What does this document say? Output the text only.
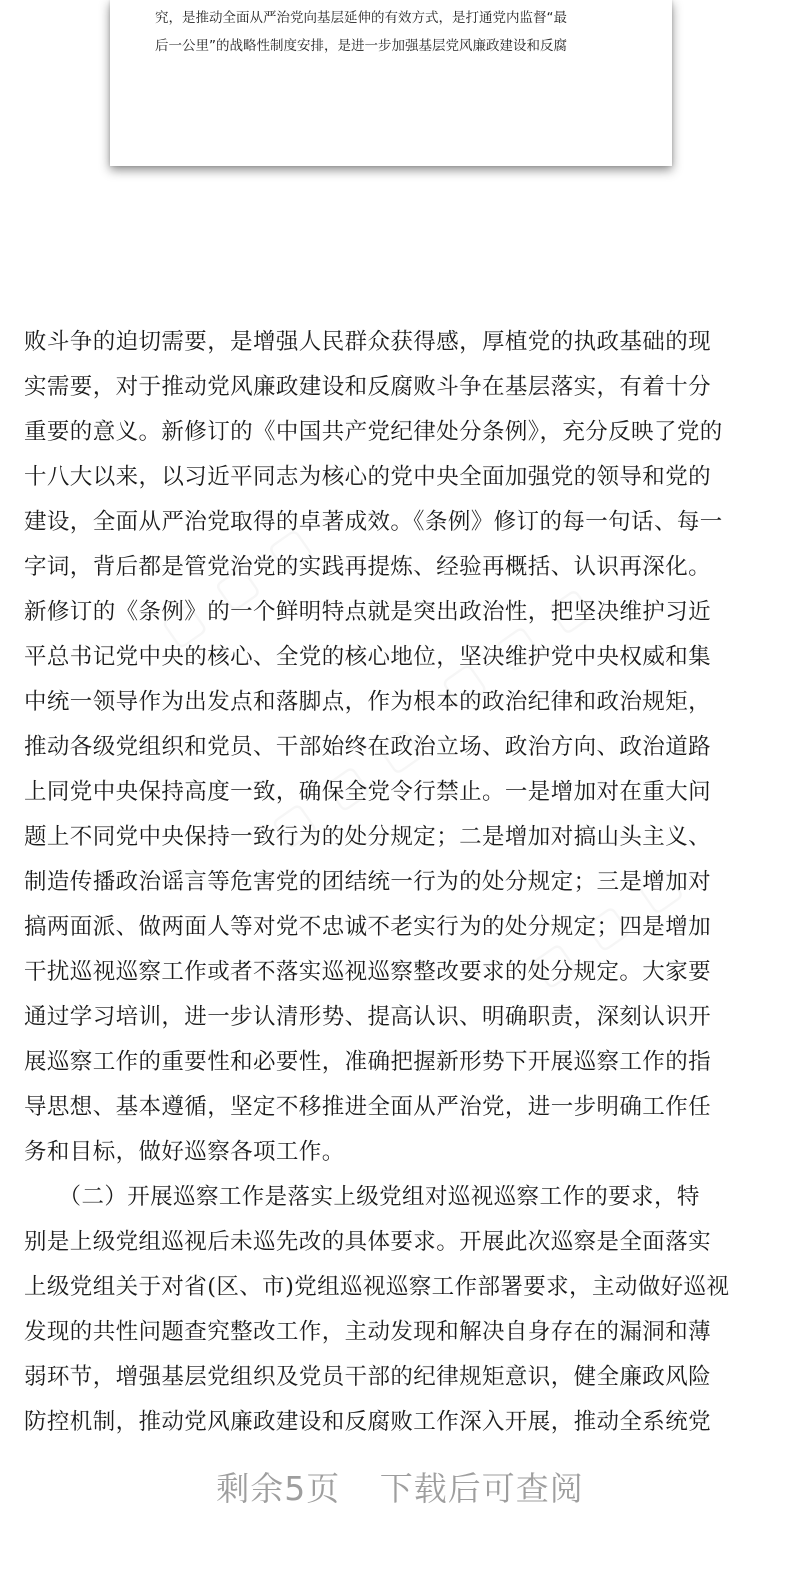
究，是推动全面从严治党向基层延伸的有效方式，是打通党内监督“最

后一公里”的战略性制度安排，是进一步加强基层党风廉政建设和反腐

败斗争的迫切需要，是增强人民群众获得感，厚植党的执政基础的现

实需要，对于推动党风廉政建设和反腐败斗争在基层落实，有着十分

重要的意义。新修订的《中国共产党纪律处分条例》，充分反映了党的

十八大以来，以习近平同志为核心的党中央全面加强党的领导和党的

建设，全面从严治党取得的卓著成效。《条例》修订的每一句话、每一

字词，背后都是管党治党的实践再提炼、经验再概括、认识再深化。

新修订的《条例》的一个鲜明特点就是突出政治性，把坚决维护习近

平总书记党中央的核心、全党的核心地位，坚决维护党中央权威和集

中统一领导作为出发点和落脚点，作为根本的政治纪律和政治规矩，

推动各级党组织和党员、干部始终在政治立场、政治方向、政治道路

上同党中央保持高度一致，确保全党令行禁止。一是增加对在重大问

题上不同党中央保持一致行为的处分规定；二是增加对搞山头主义、

制造传播政治谣言等危害党的团结统一行为的处分规定；三是增加对

搞两面派、做两面人等对党不忠诚不老实行为的处分规定；四是增加

干扰巡视巡察工作或者不落实巡视巡察整改要求的处分规定。大家要

通过学习培训，进一步认清形势、提高认识、明确职责，深刻认识开

展巡察工作的重要性和必要性，准确把握新形势下开展巡察工作的指

导思想、基本遵循，坚定不移推进全面从严治党，进一步明确工作任

务和目标，做好巡察各项工作。

　　（二）开展巡察工作是落实上级党组对巡视巡察工作的要求，特

别是上级党组巡视后未巡先改的具体要求。开展此次巡察是全面落实

上级党组关于对省(区、市)党组巡视巡察工作部署要求，主动做好巡视

发现的共性问题查究整改工作，主动发现和解决自身存在的漏洞和薄

弱环节，增强基层党组织及党员干部的纪律规矩意识，健全廉政风险

防控机制，推动党风廉政建设和反腐败工作深入开展，推动全系统党

剩余5页 下载后可查阅
